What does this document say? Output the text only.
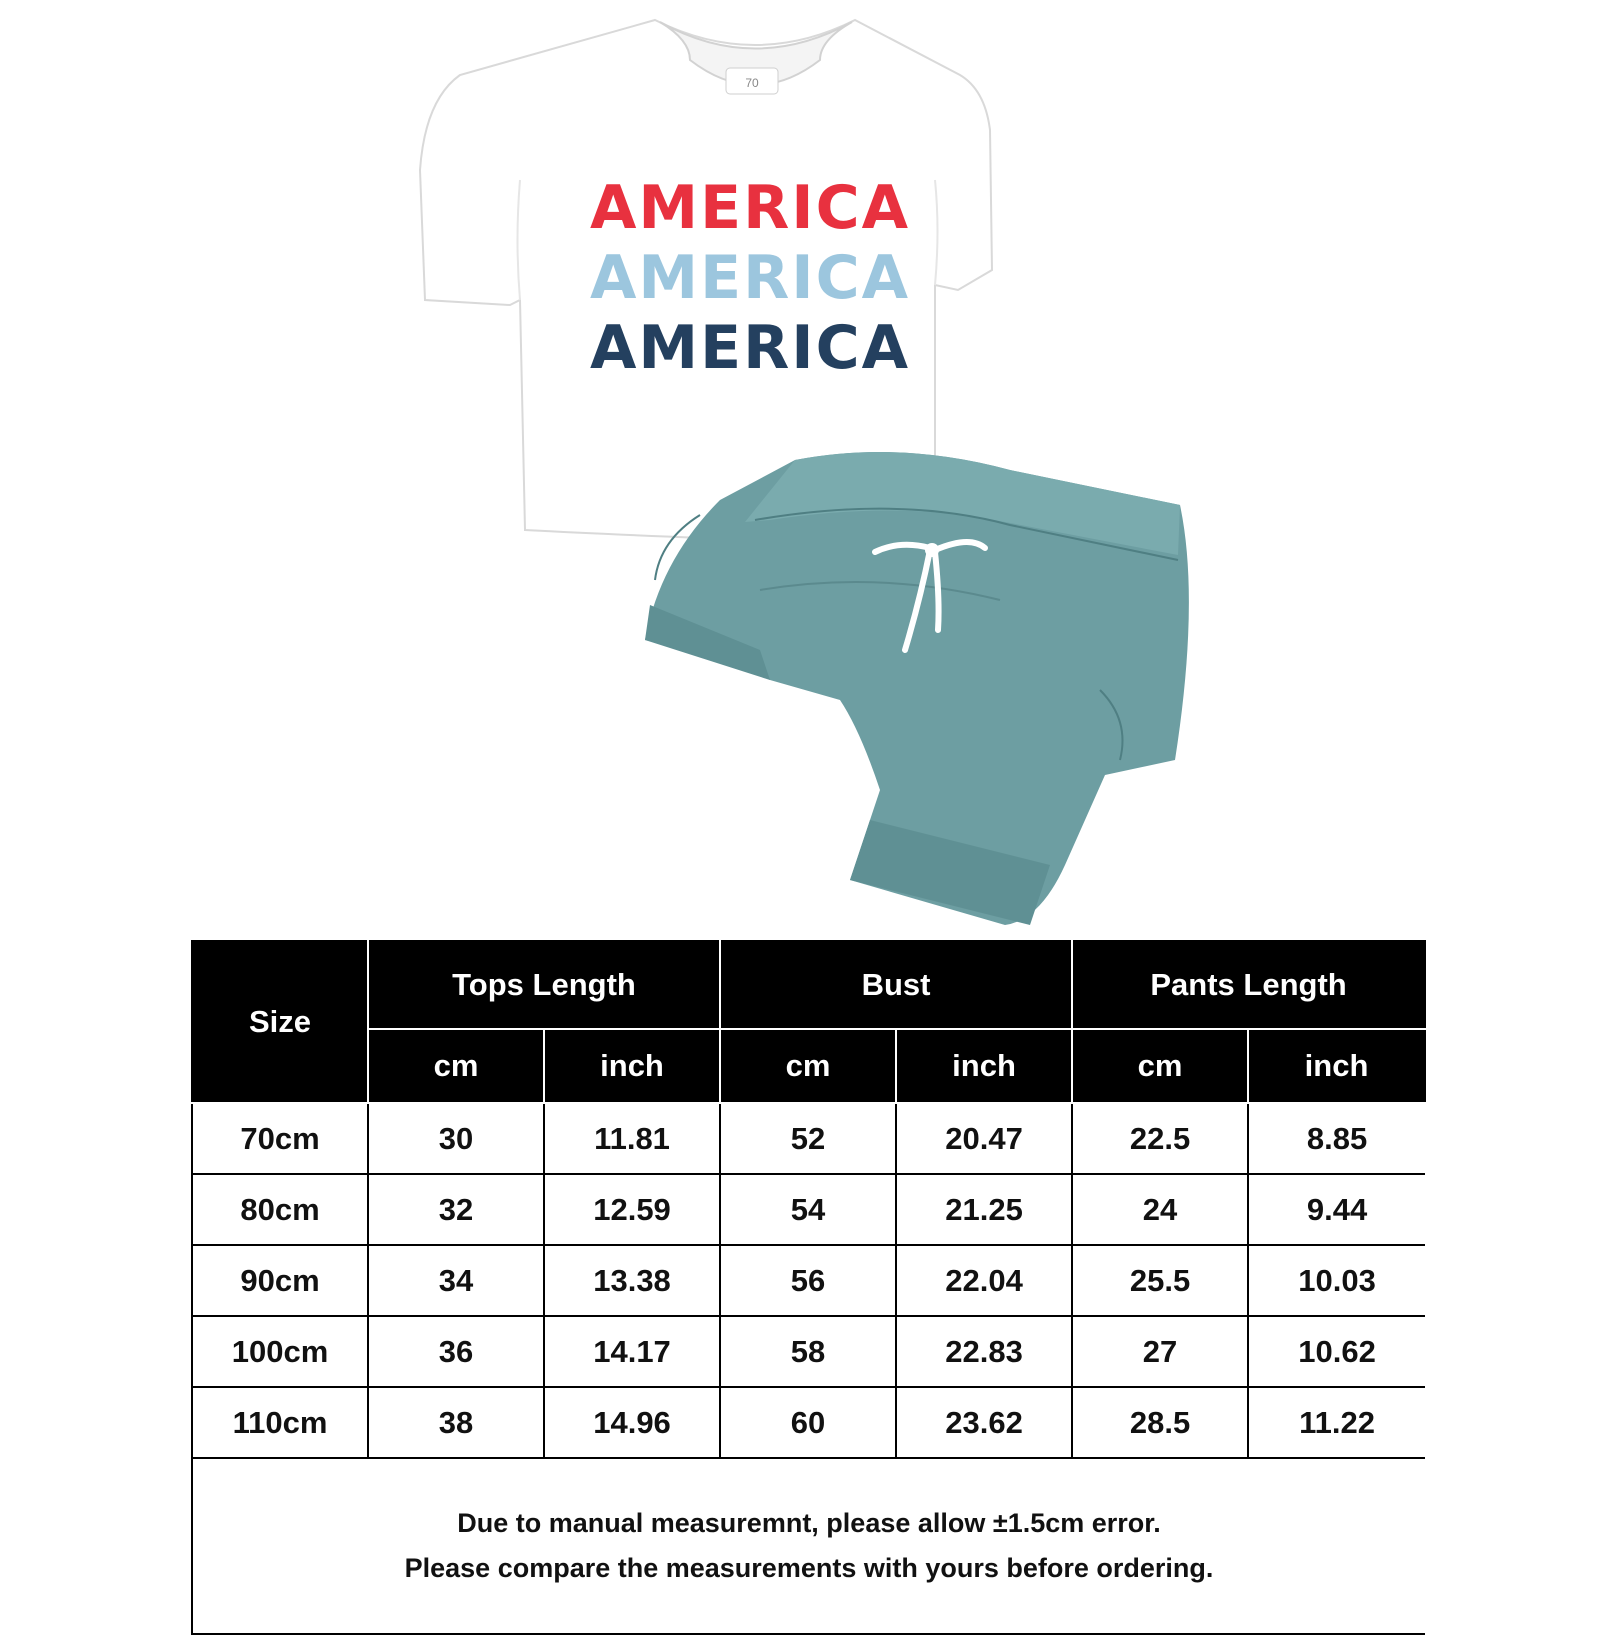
70
AMERICA
AMERICA
AMERICA
Size	Tops Length		Bust		Pants Length	
	cm	inch	cm	inch	cm	inch
70cm	30	11.81	52	20.47	22.5	8.85
80cm	32	12.59	54	21.25	24	9.44
90cm	34	13.38	56	22.04	25.5	10.03
100cm	36	14.17	58	22.83	27	10.62
110cm	38	14.96	60	23.62	28.5	11.22

Due to manual measuremnt, please allow ±1.5cm error.
Please compare the measurements with yours before ordering.						
